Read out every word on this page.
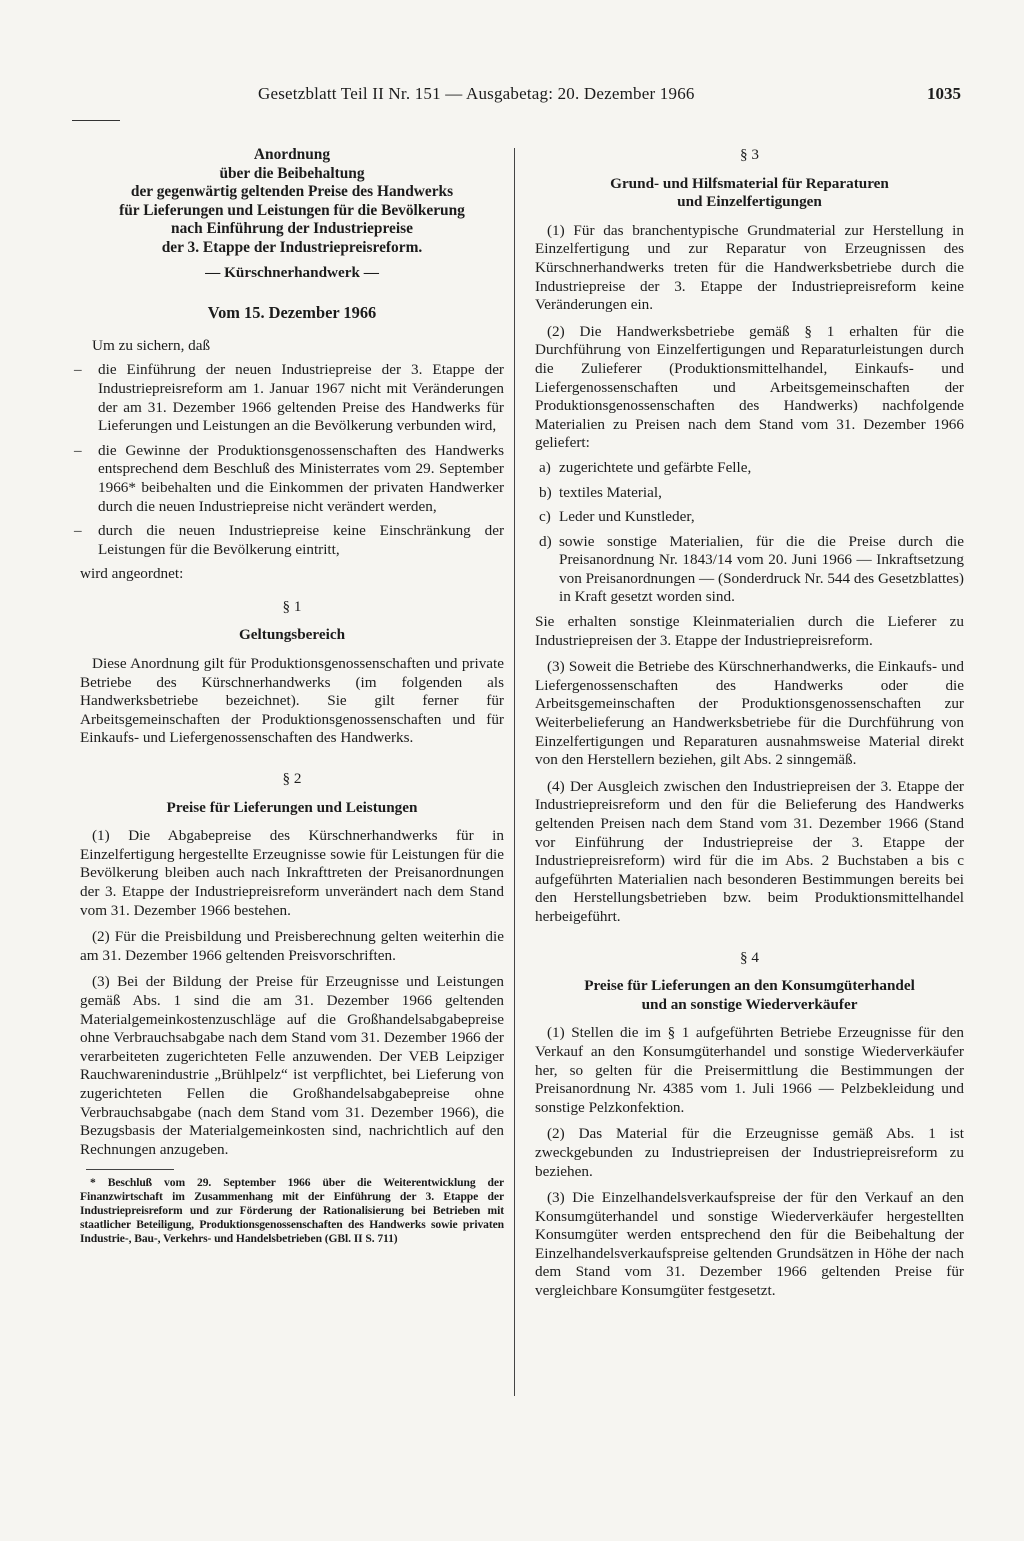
Gesetzblatt Teil II Nr. 151 — Ausgabetag: 20. Dezember 1966	1035
Anordnung
über die Beibehaltung
der gegenwärtig geltenden Preise des Handwerks
für Lieferungen und Leistungen für die Bevölkerung
nach Einführung der Industriepreise
der 3. Etappe der Industriepreisreform.
— Kürschnerhandwerk —
Vom 15. Dezember 1966
Um zu sichern, daß
– die Einführung der neuen Industriepreise der 3. Etappe der Industriepreisreform am 1. Januar 1967 nicht mit Veränderungen der am 31. Dezember 1966 geltenden Preise des Handwerks für Lieferungen und Leistungen an die Bevölkerung verbunden wird,
– die Gewinne der Produktionsgenossenschaften des Handwerks entsprechend dem Beschluß des Ministerrates vom 29. September 1966* beibehalten und die Einkommen der privaten Handwerker durch die neuen Industriepreise nicht verändert werden,
– durch die neuen Industriepreise keine Einschränkung der Leistungen für die Bevölkerung eintritt,
wird angeordnet:
§ 1
Geltungsbereich

Diese Anordnung gilt für Produktionsgenossenschaften und private Betriebe des Kürschnerhandwerks (im folgenden als Handwerksbetriebe bezeichnet). Sie gilt ferner für Arbeitsgemeinschaften der Produktionsgenossenschaften und für Einkaufs- und Liefergenossenschaften des Handwerks.

§ 2
Preise für Lieferungen und Leistungen

(1) Die Abgabepreise des Kürschnerhandwerks für in Einzelfertigung hergestellte Erzeugnisse sowie für Leistungen für die Bevölkerung bleiben auch nach Inkrafttreten der Preisanordnungen der 3. Etappe der Industriepreisreform unverändert nach dem Stand vom 31. Dezember 1966 bestehen.

(2) Für die Preisbildung und Preisberechnung gelten weiterhin die am 31. Dezember 1966 geltenden Preisvorschriften.

(3) Bei der Bildung der Preise für Erzeugnisse und Leistungen gemäß Abs. 1 sind die am 31. Dezember 1966 geltenden Materialgemeinkostenzuschläge auf die Großhandelsabgabepreise ohne Verbrauchsabgabe nach dem Stand vom 31. Dezember 1966 der verarbeiteten zugerichteten Felle anzuwenden. Der VEB Leipziger Rauchwarenindustrie „Brühlpelz“ ist verpflichtet, bei Lieferung von zugerichteten Fellen die Großhandelsabgabepreise ohne Verbrauchsabgabe (nach dem Stand vom 31. Dezember 1966), die Bezugsbasis der Materialgemeinkosten sind, nachrichtlich auf den Rechnungen anzugeben.

* Beschluß vom 29. September 1966 über die Weiterentwicklung der Finanzwirtschaft im Zusammenhang mit der Einführung der 3. Etappe der Industriepreisreform und zur Förderung der Rationalisierung bei Betrieben mit staatlicher Beteiligung, Produktionsgenossenschaften des Handwerks sowie privaten Industrie-, Bau-, Verkehrs- und Handelsbetrieben (GBl. II S. 711)
§ 3
Grund- und Hilfsmaterial für Reparaturen
und Einzelfertigungen

(1) Für das branchentypische Grundmaterial zur Herstellung in Einzelfertigung und zur Reparatur von Erzeugnissen des Kürschnerhandwerks treten für die Handwerksbetriebe durch die Industriepreise der 3. Etappe der Industriepreisreform keine Veränderungen ein.

(2) Die Handwerksbetriebe gemäß § 1 erhalten für die Durchführung von Einzelfertigungen und Reparaturleistungen durch die Zulieferer (Produktionsmittelhandel, Einkaufs- und Liefergenossenschaften und Arbeitsgemeinschaften der Produktionsgenossenschaften des Handwerks) nachfolgende Materialien zu Preisen nach dem Stand vom 31. Dezember 1966 geliefert:

a) zugerichtete und gefärbte Felle,
b) textiles Material,
c) Leder und Kunstleder,
d) sowie sonstige Materialien, für die die Preise durch die Preisanordnung Nr. 1843/14 vom 20. Juni 1966 — Inkraftsetzung von Preisanordnungen — (Sonderdruck Nr. 544 des Gesetzblattes) in Kraft gesetzt worden sind.

Sie erhalten sonstige Kleinmaterialien durch die Lieferer zu Industriepreisen der 3. Etappe der Industriepreisreform.

(3) Soweit die Betriebe des Kürschnerhandwerks, die Einkaufs- und Liefergenossenschaften des Handwerks oder die Arbeitsgemeinschaften der Produktionsgenossenschaften zur Weiterbelieferung an Handwerksbetriebe für die Durchführung von Einzelfertigungen und Reparaturen ausnahmsweise Material direkt von den Herstellern beziehen, gilt Abs. 2 sinngemäß.

(4) Der Ausgleich zwischen den Industriepreisen der 3. Etappe der Industriepreisreform und den für die Belieferung des Handwerks geltenden Preisen nach dem Stand vom 31. Dezember 1966 (Stand vor Einführung der Industriepreise der 3. Etappe der Industriepreisreform) wird für die im Abs. 2 Buchstaben a bis c aufgeführten Materialien nach besonderen Bestimmungen bereits bei den Herstellungsbetrieben bzw. beim Produktionsmittelhandel herbeigeführt.

§ 4
Preise für Lieferungen an den Konsumgüterhandel
und an sonstige Wiederverkäufer

(1) Stellen die im § 1 aufgeführten Betriebe Erzeugnisse für den Verkauf an den Konsumgüterhandel und sonstige Wiederverkäufer her, so gelten für die Preisermittlung die Bestimmungen der Preisanordnung Nr. 4385 vom 1. Juli 1966 — Pelzbekleidung und sonstige Pelzkonfektion.

(2) Das Material für die Erzeugnisse gemäß Abs. 1 ist zweckgebunden zu Industriepreisen der Industriepreisreform zu beziehen.

(3) Die Einzelhandelsverkaufspreise der für den Verkauf an den Konsumgüterhandel und sonstige Wiederverkäufer hergestellten Konsumgüter werden entsprechend den für die Beibehaltung der Einzelhandelsverkaufspreise geltenden Grundsätzen in Höhe der nach dem Stand vom 31. Dezember 1966 geltenden Preise für vergleichbare Konsumgüter festgesetzt.
